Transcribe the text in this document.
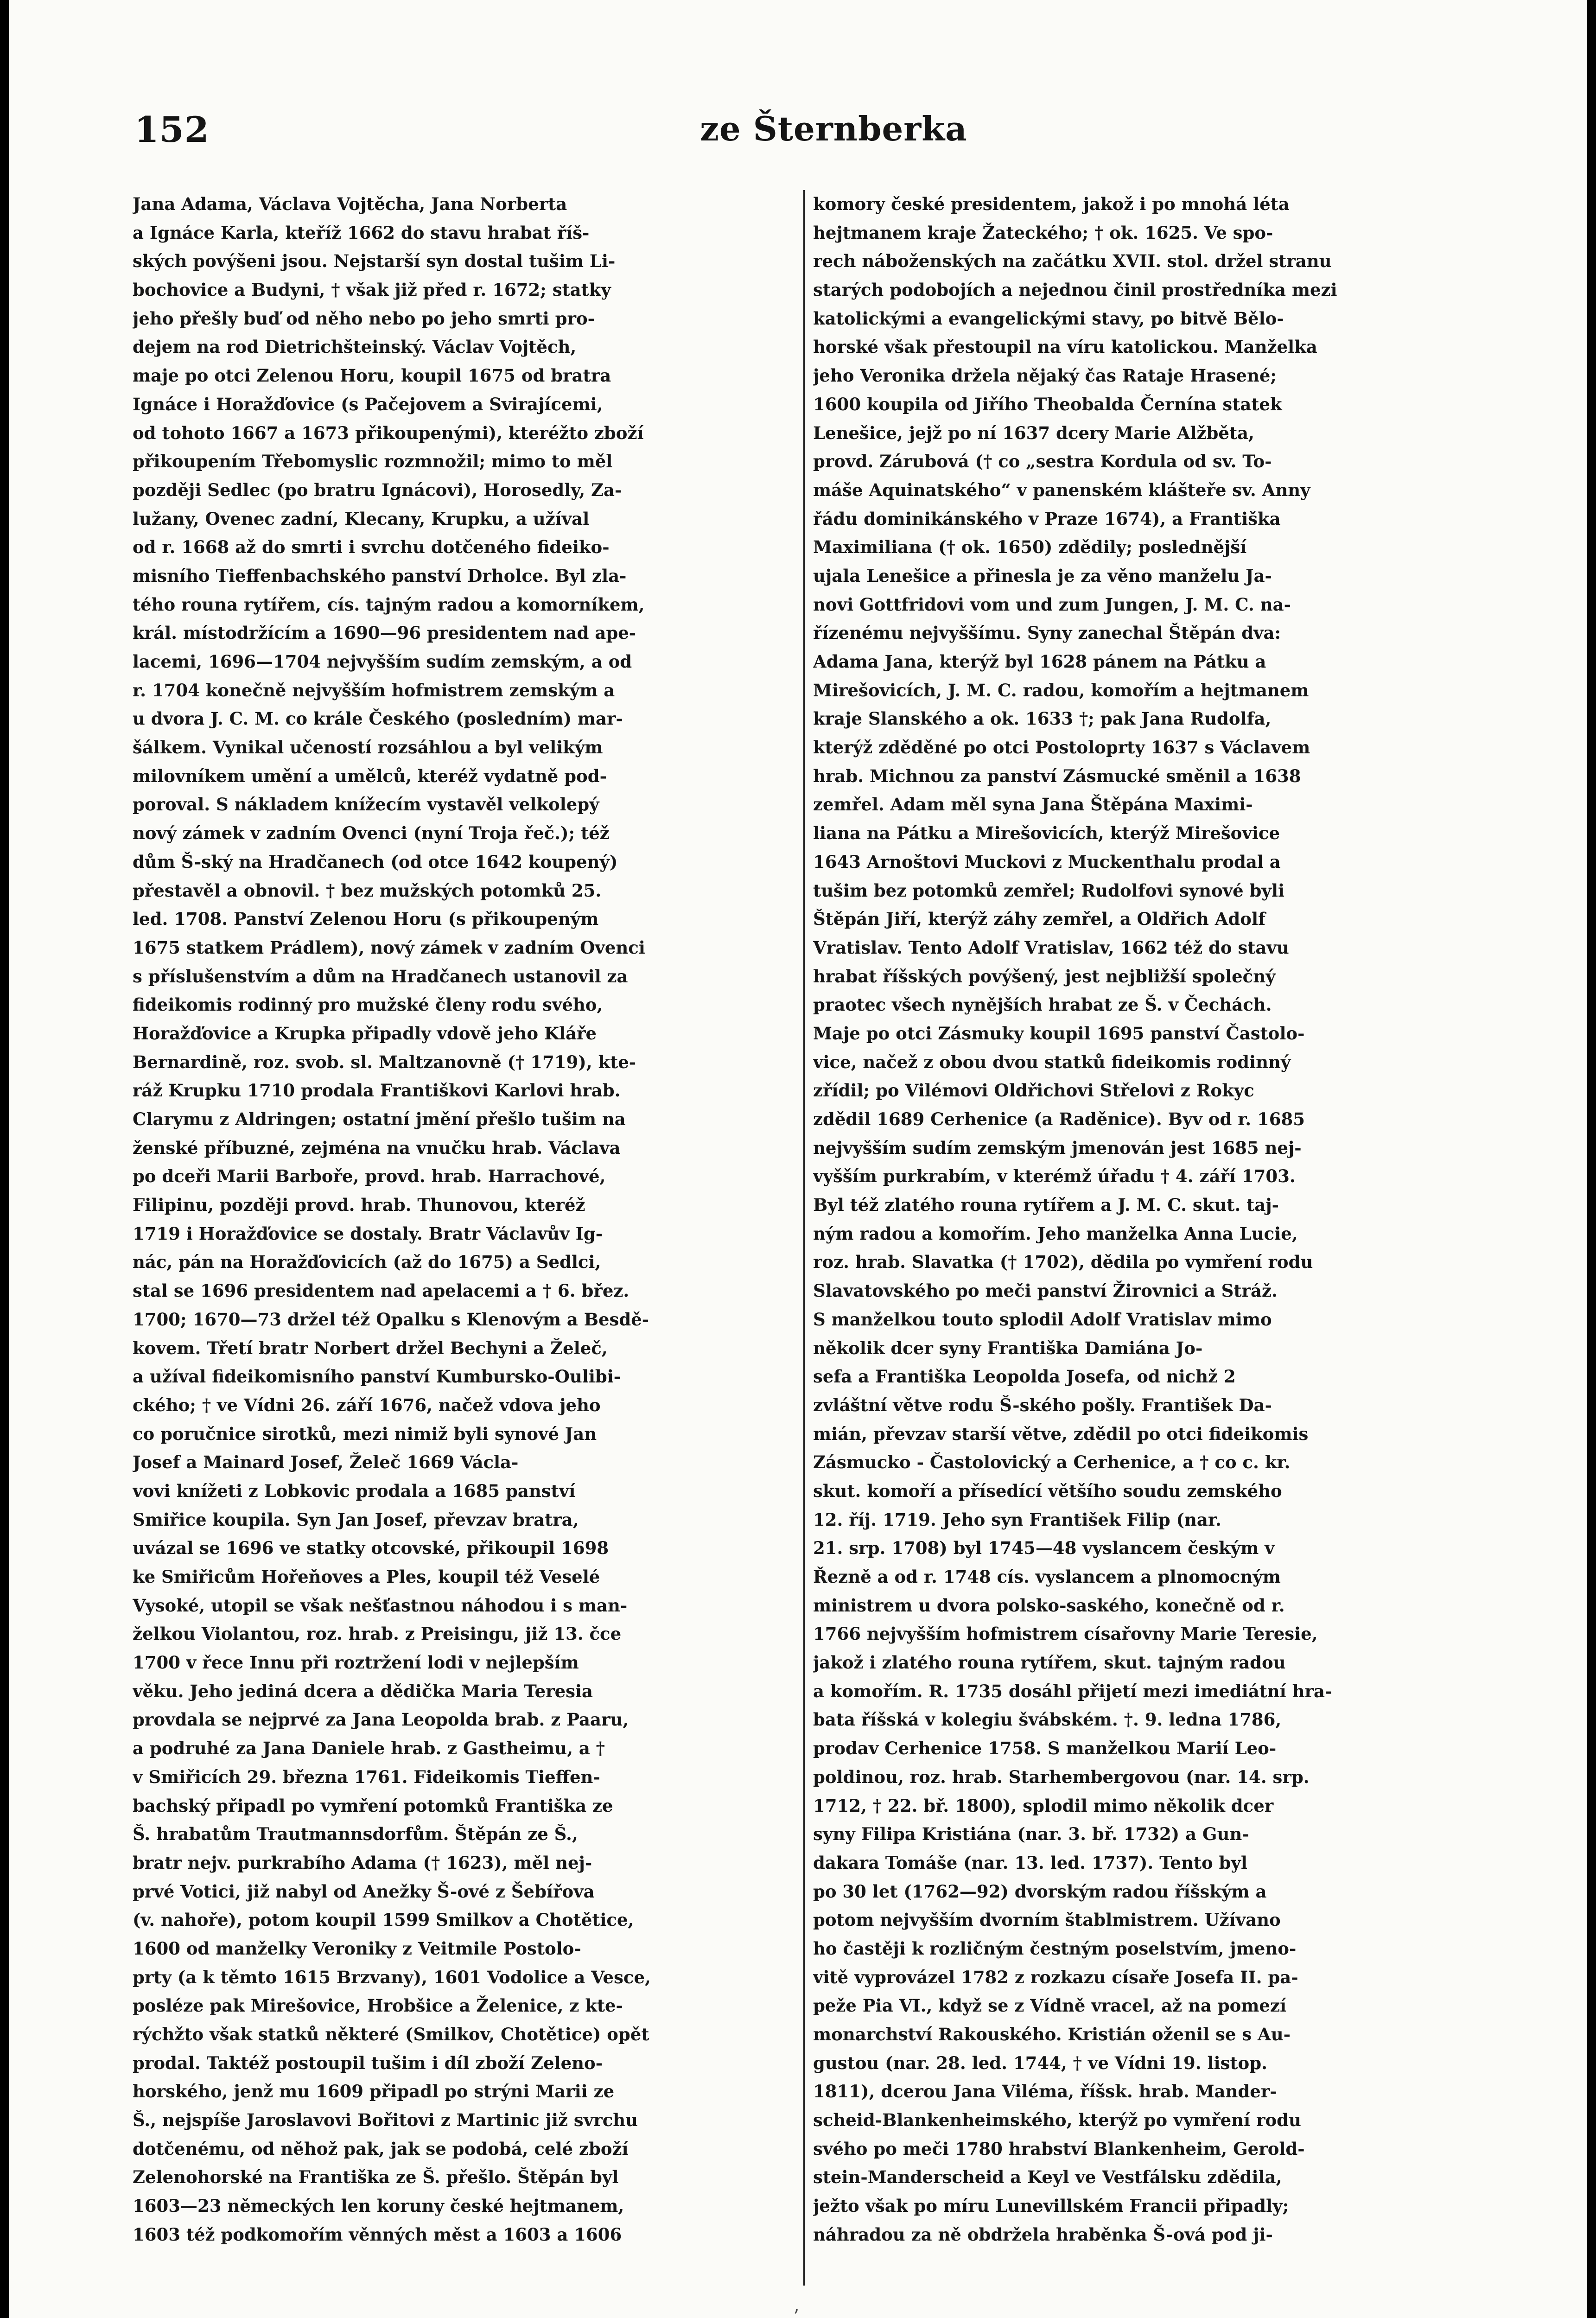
152	ze Šternberka
Jana Adama, Václava Vojtěcha, Jana Norberta
a Ignáce Karla, kteříž 1662 do stavu hrabat říš-
ských povýšeni jsou. Nejstarší syn dostal tušim Li-
bochovice a Budyni, † však již před r. 1672; statky
jeho přešly buď od něho nebo po jeho smrti pro-
dejem na rod Dietrichšteinský. Václav Vojtěch,
maje po otci Zelenou Horu, koupil 1675 od bratra
Ignáce i Horažďovice (s Pačejovem a Svirajícemi,
od tohoto 1667 a 1673 přikoupenými), kteréžto zboží
přikoupením Třebomyslic rozmnožil; mimo to měl
později Sedlec (po bratru Ignácovi), Horosedly, Za-
lužany, Ovenec zadní, Klecany, Krupku, a užíval
od r. 1668 až do smrti i svrchu dotčeného fideiko-
misního Tieffenbachského panství Drholce. Byl zla-
tého rouna rytířem, cís. tajným radou a komorníkem,
král. místodržícím a 1690—96 presidentem nad ape-
lacemi, 1696—1704 nejvyšším sudím zemským, a od
r. 1704 konečně nejvyšším hofmistrem zemským a
u dvora J. C. M. co krále Českého (posledním) mar-
šálkem. Vynikal učeností rozsáhlou a byl velikým
milovníkem umění a umělců, kteréž vydatně pod-
poroval. S nákladem knížecím vystavěl velkolepý
nový zámek v zadním Ovenci (nyní Troja řeč.); též
dům Š-ský na Hradčanech (od otce 1642 koupený)
přestavěl a obnovil. † bez mužských potomků 25.
led. 1708. Panství Zelenou Horu (s přikoupeným
1675 statkem Prádlem), nový zámek v zadním Ovenci
s příslušenstvím a dům na Hradčanech ustanovil za
fideikomis rodinný pro mužské členy rodu svého,
Horažďovice a Krupka připadly vdově jeho Kláře
Bernardině, roz. svob. sl. Maltzanovně († 1719), kte-
ráž Krupku 1710 prodala Františkovi Karlovi hrab.
Clarymu z Aldringen; ostatní jmění přešlo tušim na
ženské příbuzné, zejména na vnučku hrab. Václava
po dceři Marii Barboře, provd. hrab. Harrachové,
Filipinu, později provd. hrab. Thunovou, kteréž
1719 i Horažďovice se dostaly. Bratr Václavův Ig-
nác, pán na Horažďovicích (až do 1675) a Sedlci,
stal se 1696 presidentem nad apelacemi a † 6. břez.
1700; 1670—73 držel též Opalku s Klenovým a Besdě-
kovem. Třetí bratr Norbert držel Bechyni a Želeč,
a užíval fideikomisního panství Kumbursko-Oulibi-
ckého; † ve Vídni 26. září 1676, načež vdova jeho
co poručnice sirotků, mezi nimiž byli synové Jan
Josef a Mainard Josef, Želeč 1669 Václa-
vovi knížeti z Lobkovic prodala a 1685 panství
Smiřice koupila. Syn Jan Josef, převzav bratra,
uvázal se 1696 ve statky otcovské, přikoupil 1698
ke Smiřicům Hořeňoves a Ples, koupil též Veselé
Vysoké, utopil se však nešťastnou náhodou i s man-
želkou Violantou, roz. hrab. z Preisingu, již 13. čce
1700 v řece Innu při roztržení lodi v nejlepším
věku. Jeho jediná dcera a dědička Maria Teresia
provdala se nejprvé za Jana Leopolda brab. z Paaru,
a podruhé za Jana Daniele hrab. z Gastheimu, a †
v Smiřicích 29. března 1761. Fideikomis Tieffen-
bachský připadl po vymření potomků Františka ze
Š. hrabatům Trautmannsdorfům. Štěpán ze Š.,
bratr nejv. purkrabího Adama († 1623), měl nej-
prvé Votici, již nabyl od Anežky Š-ové z Šebířova
(v. nahoře), potom koupil 1599 Smilkov a Chotětice,
1600 od manželky Veroniky z Veitmile Postolo-
prty (a k těmto 1615 Brzvany), 1601 Vodolice a Vesce,
posléze pak Mirešovice, Hrobšice a Želenice, z kte-
rýchžto však statků některé (Smilkov, Chotětice) opět
prodal. Taktéž postoupil tušim i díl zboží Zeleno-
horského, jenž mu 1609 připadl po strýni Marii ze
Š., nejspíše Jaroslavovi Bořitovi z Martinic již svrchu
dotčenému, od něhož pak, jak se podobá, celé zboží
Zelenohorské na Františka ze Š. přešlo. Štěpán byl
1603—23 německých len koruny české hejtmanem,
1603 též podkomořím věnných měst a 1603 a 1606
komory české presidentem, jakož i po mnohá léta
hejtmanem kraje Žateckého; † ok. 1625. Ve spo-
rech náboženských na začátku XVII. stol. držel stranu
starých podobojích a nejednou činil prostředníka mezi
katolickými a evangelickými stavy, po bitvě Bělo-
horské však přestoupil na víru katolickou. Manželka
jeho Veronika držela nějaký čas Rataje Hrasené;
1600 koupila od Jiřího Theobalda Černína statek
Lenešice, jejž po ní 1637 dcery Marie Alžběta,
provd. Zárubová († co „sestra Kordula od sv. To-
máše Aquinatského“ v panenském klášteře sv. Anny
řádu dominikánského v Praze 1674), a Františka
Maximiliana († ok. 1650) zdědily; poslednější
ujala Lenešice a přinesla je za věno manželu Ja-
novi Gottfridovi vom und zum Jungen, J. M. C. na-
řízenému nejvyššímu. Syny zanechal Štěpán dva:
Adama Jana, kterýž byl 1628 pánem na Pátku a
Mirešovicích, J. M. C. radou, komořím a hejtmanem
kraje Slanského a ok. 1633 †; pak Jana Rudolfa,
kterýž zděděné po otci Postoloprty 1637 s Václavem
hrab. Michnou za panství Zásmucké směnil a 1638
zemřel. Adam měl syna Jana Štěpána Maximi-
liana na Pátku a Mirešovicích, kterýž Mirešovice
1643 Arnoštovi Muckovi z Muckenthalu prodal a
tušim bez potomků zemřel; Rudolfovi synové byli
Štěpán Jiří, kterýž záhy zemřel, a Oldřich Adolf
Vratislav. Tento Adolf Vratislav, 1662 též do stavu
hrabat říšských povýšený, jest nejbližší společný
praotec všech nynějších hrabat ze Š. v Čechách.
Maje po otci Zásmuky koupil 1695 panství Častolo-
vice, načež z obou dvou statků fideikomis rodinný
zřídil; po Vilémovi Oldřichovi Střelovi z Rokyc
zdědil 1689 Cerhenice (a Raděnice). Byv od r. 1685
nejvyšším sudím zemským jmenován jest 1685 nej-
vyšším purkrabím, v kterémž úřadu † 4. září 1703.
Byl též zlatého rouna rytířem a J. M. C. skut. taj-
ným radou a komořím. Jeho manželka Anna Lucie,
roz. hrab. Slavatka († 1702), dědila po vymření rodu
Slavatovského po meči panství Žirovnici a Stráž.
S manželkou touto splodil Adolf Vratislav mimo
několik dcer syny Františka Damiána Jo-
sefa a Františka Leopolda Josefa, od nichž 2
zvláštní větve rodu Š-ského pošly. František Da-
mián, převzav starší větve, zdědil po otci fideikomis
Zásmucko - Častolovický a Cerhenice, a † co c. kr.
skut. komoří a přísedící většího soudu zemského
12. říj. 1719. Jeho syn František Filip (nar.
21. srp. 1708) byl 1745—48 vyslancem českým v
Řezně a od r. 1748 cís. vyslancem a plnomocným
ministrem u dvora polsko-saského, konečně od r.
1766 nejvyšším hofmistrem císařovny Marie Teresie,
jakož i zlatého rouna rytířem, skut. tajným radou
a komořím. R. 1735 dosáhl přijetí mezi imediátní hra-
bata říšská v kolegiu švábském. †. 9. ledna 1786,
prodav Cerhenice 1758. S manželkou Marií Leo-
poldinou, roz. hrab. Starhembergovou (nar. 14. srp.
1712, † 22. bř. 1800), splodil mimo několik dcer
syny Filipa Kristiána (nar. 3. bř. 1732) a Gun-
dakara Tomáše (nar. 13. led. 1737). Tento byl
po 30 let (1762—92) dvorským radou říšským a
potom nejvyšším dvorním štablmistrem. Užívano
ho častěji k rozličným čestným poselstvím, jmeno-
vitě vyprovázel 1782 z rozkazu císaře Josefa II. pa-
peže Pia VI., když se z Vídně vracel, až na pomezí
monarchství Rakouského. Kristián oženil se s Au-
gustou (nar. 28. led. 1744, † ve Vídni 19. listop.
1811), dcerou Jana Viléma, říšsk. hrab. Mander-
scheid-Blankenheimského, kterýž po vymření rodu
svého po meči 1780 hrabství Blankenheim, Gerold-
stein-Manderscheid a Keyl ve Vestfálsku zdědila,
ježto však po míru Lunevillském Francii připadly;
náhradou za ně obdržela hraběnka Š-ová pod ji-
ʼ
